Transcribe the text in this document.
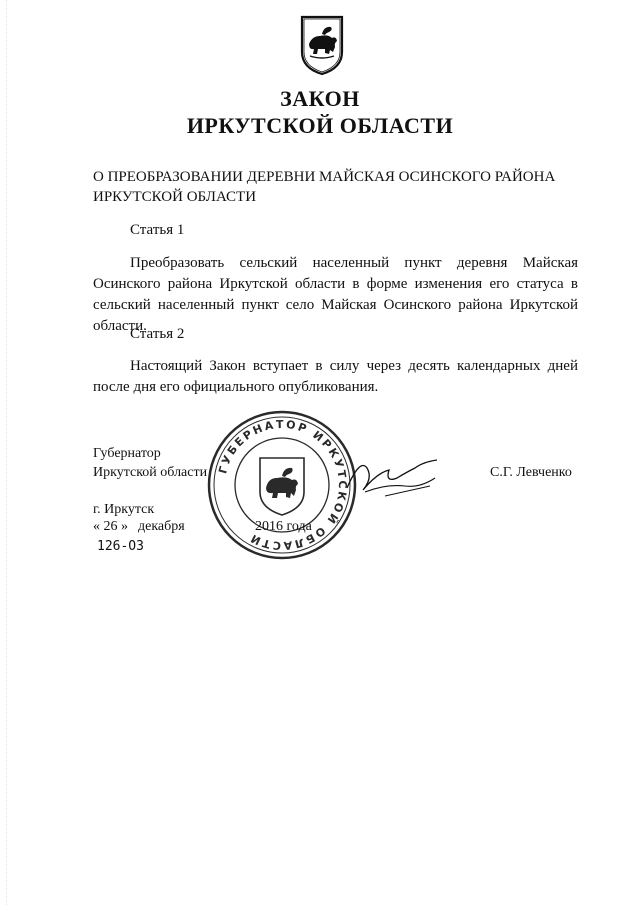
ЗАКОН
ИРКУТСКОЙ ОБЛАСТИ
О ПРЕОБРАЗОВАНИИ ДЕРЕВНИ МАЙСКАЯ ОСИНСКОГО РАЙОНА
ИРКУТСКОЙ ОБЛАСТИ
Статья 1
Преобразовать сельский населенный пункт деревня Майская Осинского района Иркутской области в форме изменения его статуса в сельский населенный пункт село Майская Осинского района Иркутской области.
Статья 2
Настоящий Закон вступает в силу через десять календарных дней после дня его официального опубликования.
ГУБЕРНАТОР ИРКУТСКОЙ ОБЛАСТИ
Губернатор
Иркутской области	С.Г. Левченко
г. Иркутск
« 26 » декабря	2016 года
126-ОЗ
